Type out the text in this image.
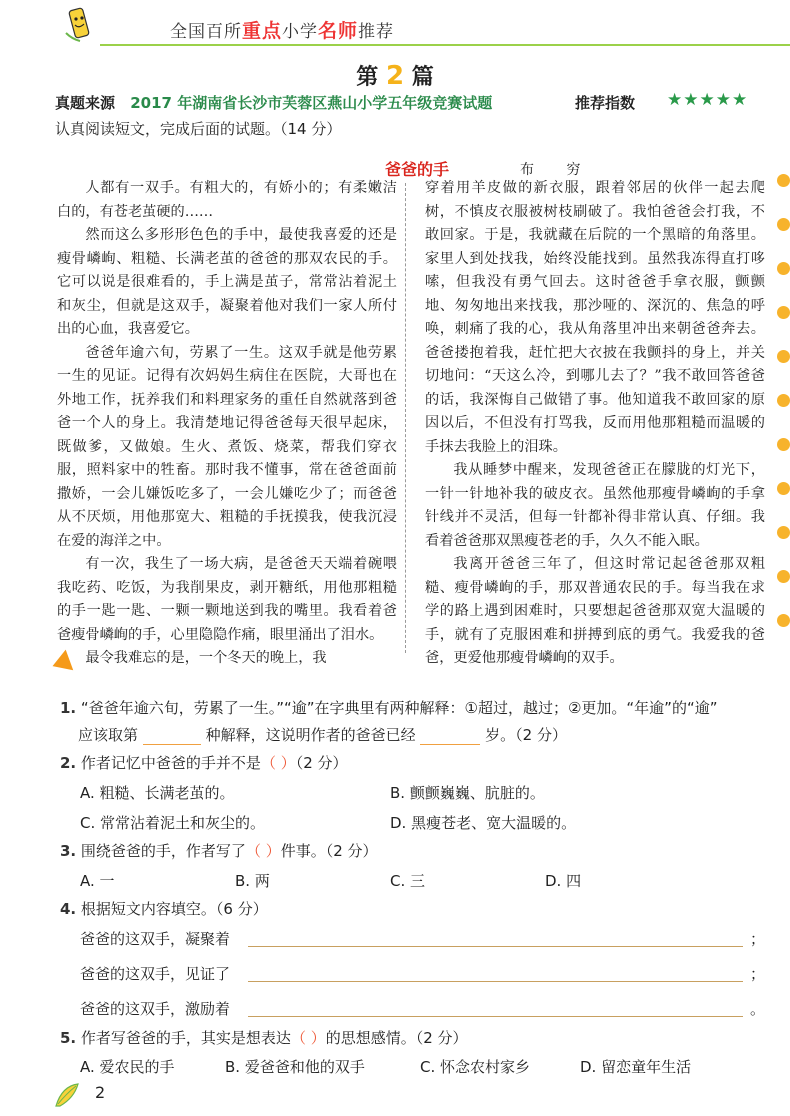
全国百所重点小学名师推荐
第 2 篇
真题来源 2017 年湖南省长沙市芙蓉区燕山小学五年级竞赛试题	推荐指数 ★★★★★
认真阅读短文，完成后面的试题。（14 分）
爸爸的手	布 穷

人都有一双手。有粗大的，有娇小的；有柔嫩洁白的，有苍老茧硬的……

然而这么多形形色色的手中，最使我喜爱的还是瘦骨嶙峋、粗糙、长满老茧的爸爸的那双农民的手。它可以说是很难看的，手上满是茧子，常常沾着泥土和灰尘，但就是这双手，凝聚着他对我们一家人所付出的心血，我喜爱它。

爸爸年逾六旬，劳累了一生。这双手就是他劳累一生的见证。记得有次妈妈生病住在医院，大哥也在外地工作，抚养我们和料理家务的重任自然就落到爸爸一个人的身上。我清楚地记得爸爸每天很早起床，既做爹，又做娘。生火、煮饭、烧菜，帮我们穿衣服，照料家中的牲畜。那时我不懂事，常在爸爸面前撒娇，一会儿嫌饭吃多了，一会儿嫌吃少了；而爸爸从不厌烦，用他那宽大、粗糙的手抚摸我，使我沉浸在爱的海洋之中。

有一次，我生了一场大病，是爸爸天天端着碗喂我吃药、吃饭，为我削果皮，剥开糖纸，用他那粗糙的手一匙一匙、一颗一颗地送到我的嘴里。我看着爸爸瘦骨嶙峋的手，心里隐隐作痛，眼里涌出了泪水。

最令我难忘的是，一个冬天的晚上，我

穿着用羊皮做的新衣服，跟着邻居的伙伴一起去爬树，不慎皮衣服被树枝刷破了。我怕爸爸会打我，不敢回家。于是，我就藏在后院的一个黑暗的角落里。家里人到处找我，始终没能找到。虽然我冻得直打哆嗦，但我没有勇气回去。这时爸爸手拿衣服，颤颤地、匆匆地出来找我，那沙哑的、深沉的、焦急的呼唤，刺痛了我的心，我从角落里冲出来朝爸爸奔去。爸爸搂抱着我，赶忙把大衣披在我颤抖的身上，并关切地问：“天这么冷，到哪儿去了？”我不敢回答爸爸的话，我深悔自己做错了事。他知道我不敢回家的原因以后，不但没有打骂我，反而用他那粗糙而温暖的手抹去我脸上的泪珠。

我从睡梦中醒来，发现爸爸正在朦胧的灯光下，一针一针地补我的破皮衣。虽然他那瘦骨嶙峋的手拿针线并不灵活，但每一针都补得非常认真、仔细。我看着爸爸那双黑瘦苍老的手，久久不能入眠。

我离开爸爸三年了，但这时常记起爸爸那双粗糙、瘦骨嶙峋的手，那双普通农民的手。每当我在求学的路上遇到困难时，只要想起爸爸那双宽大温暖的手，就有了克服困难和拼搏到底的勇气。我爱我的爸爸，更爱他那瘦骨嶙峋的双手。

1. “爸爸年逾六旬，劳累了一生。”“逾”在字典里有两种解释：①超过，越过；②更加。“年逾”的“逾”
应该取第	种解释，这说明作者的爸爸已经	岁。（2 分）
2. 作者记忆中爸爸的手并不是（ ）（2 分）
A. 粗糙、长满老茧的。	B. 颤颤巍巍、肮脏的。
C. 常常沾着泥土和灰尘的。	D. 黑瘦苍老、宽大温暖的。
3. 围绕爸爸的手，作者写了（ ）件事。（2 分）
A. 一	B. 两	C. 三	D. 四
4. 根据短文内容填空。（6 分）
爸爸的这双手，凝聚着	；
爸爸的这双手，见证了	；
爸爸的这双手，激励着	。
5. 作者写爸爸的手，其实是想表达（ ）的思想感情。（2 分）
A. 爱农民的手	B. 爱爸爸和他的双手	C. 怀念农村家乡	D. 留恋童年生活
2
